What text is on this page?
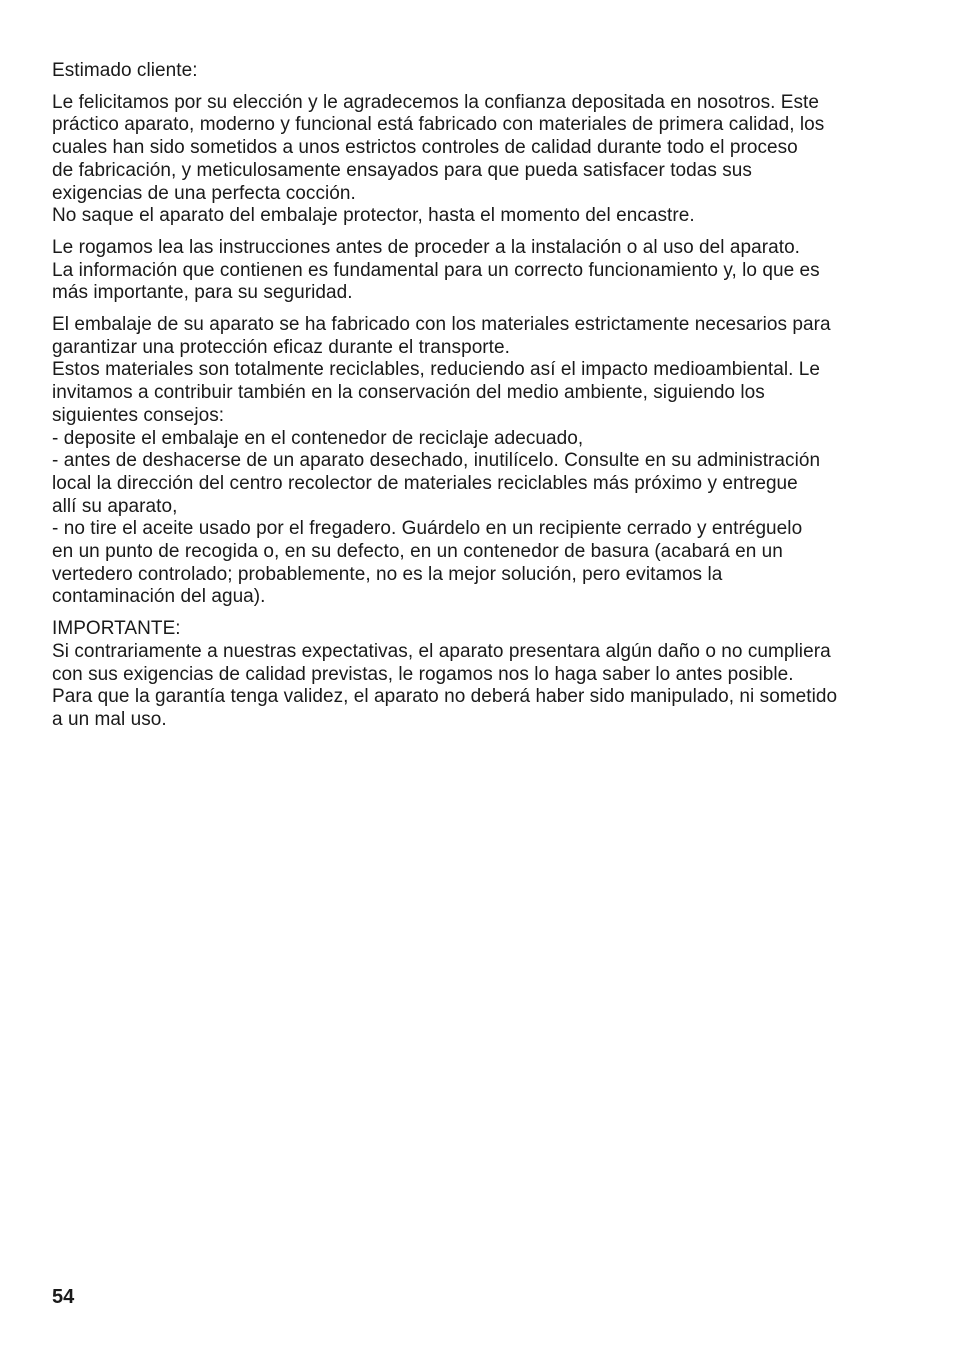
Estimado cliente:
Le felicitamos por su elección y le agradecemos la confianza depositada en nosotros. Este
práctico aparato, moderno y funcional está fabricado con materiales de primera calidad, los
cuales han sido sometidos a unos estrictos controles de calidad durante todo el proceso
de fabricación, y meticulosamente ensayados para que pueda satisfacer todas sus
exigencias de una perfecta cocción.
No saque el aparato del embalaje protector, hasta el momento del encastre.
Le rogamos lea las instrucciones antes de proceder a la instalación o al uso del aparato.
La información que contienen es fundamental para un correcto funcionamiento y, lo que es
más importante, para su seguridad.
El embalaje de su aparato se ha fabricado con los materiales estrictamente necesarios para
garantizar una protección eficaz durante el transporte.
Estos materiales son totalmente reciclables, reduciendo así el impacto medioambiental. Le
invitamos a contribuir también en la conservación del medio ambiente, siguiendo los
siguientes consejos:
- deposite el embalaje en el contenedor de reciclaje adecuado,
- antes de deshacerse de un aparato desechado, inutilícelo. Consulte en su administración
local la dirección del centro recolector de materiales reciclables más próximo y entregue
allí su aparato,
- no tire el aceite usado por el fregadero. Guárdelo en un recipiente cerrado y entréguelo
en un punto de recogida o, en su defecto, en un contenedor de basura (acabará en un
vertedero controlado; probablemente, no es la mejor solución, pero evitamos la
contaminación del agua).
IMPORTANTE:
Si contrariamente a nuestras expectativas, el aparato presentara algún daño o no cumpliera
con sus exigencias de calidad previstas, le rogamos nos lo haga saber lo antes posible.
Para que la garantía tenga validez, el aparato no deberá haber sido manipulado, ni sometido
a un mal uso.
54
